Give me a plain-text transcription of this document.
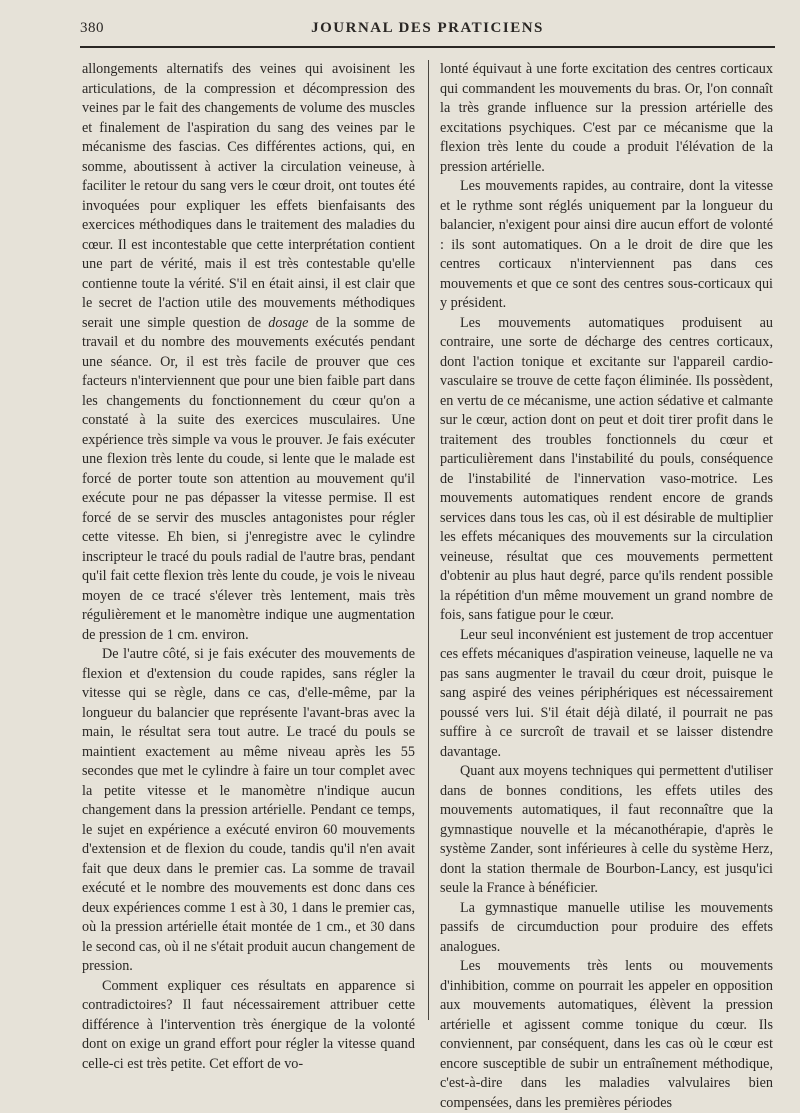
380	JOURNAL DES PRATICIENS

allongements alternatifs des veines qui avoisinent les articulations, de la compression et décompression des veines par le fait des changements de volume des muscles et finalement de l'aspiration du sang des veines par le mécanisme des fascias. Ces différentes actions, qui, en somme, aboutissent à activer la circulation veineuse, à faciliter le retour du sang vers le cœur droit, ont toutes été invoquées pour expliquer les effets bienfaisants des exercices méthodiques dans le traitement des maladies du cœur. Il est incontestable que cette interprétation contient une part de vérité, mais il est très contestable qu'elle contienne toute la vérité. S'il en était ainsi, il est clair que le secret de l'action utile des mouvements méthodiques serait une simple question de dosage de la somme de travail et du nombre des mouvements exécutés pendant une séance. Or, il est très facile de prouver que ces facteurs n'interviennent que pour une bien faible part dans les changements du fonctionnement du cœur qu'on a constaté à la suite des exercices musculaires. Une expérience très simple va vous le prouver. Je fais exécuter une flexion très lente du coude, si lente que le malade est forcé de porter toute son attention au mouvement qu'il exécute pour ne pas dépasser la vitesse permise. Il est forcé de se servir des muscles antagonistes pour régler cette vitesse. Eh bien, si j'enregistre avec le cylindre inscripteur le tracé du pouls radial de l'autre bras, pendant qu'il fait cette flexion très lente du coude, je vois le niveau moyen de ce tracé s'élever très lentement, mais très régulièrement et le manomètre indique une augmentation de pression de 1 cm. environ.

De l'autre côté, si je fais exécuter des mouvements de flexion et d'extension du coude rapides, sans régler la vitesse qui se règle, dans ce cas, d'elle-même, par la longueur du balancier que représente l'avant-bras avec la main, le résultat sera tout autre. Le tracé du pouls se maintient exactement au même niveau après les 55 secondes que met le cylindre à faire un tour complet avec la petite vitesse et le manomètre n'indique aucun changement dans la pression artérielle. Pendant ce temps, le sujet en expérience a exécuté environ 60 mouvements d'extension et de flexion du coude, tandis qu'il n'en avait fait que deux dans le premier cas. La somme de travail exécuté et le nombre des mouvements est donc dans ces deux expériences comme 1 est à 30, 1 dans le premier cas, où la pression artérielle était montée de 1 cm., et 30 dans le second cas, où il ne s'était produit aucun changement de pression.

Comment expliquer ces résultats en apparence si contradictoires? Il faut nécessairement attribuer cette différence à l'intervention très énergique de la volonté dont on exige un grand effort pour régler la vitesse quand celle-ci est très petite. Cet effort de vo-

lonté équivaut à une forte excitation des centres corticaux qui commandent les mouvements du bras. Or, l'on connaît la très grande influence sur la pression artérielle des excitations psychiques. C'est par ce mécanisme que la flexion très lente du coude a produit l'élévation de la pression artérielle.

Les mouvements rapides, au contraire, dont la vitesse et le rythme sont réglés uniquement par la longueur du balancier, n'exigent pour ainsi dire aucun effort de volonté : ils sont automatiques. On a le droit de dire que les centres corticaux n'interviennent pas dans ces mouvements et que ce sont des centres sous-corticaux qui y président.

Les mouvements automatiques produisent au contraire, une sorte de décharge des centres corticaux, dont l'action tonique et excitante sur l'appareil cardio-vasculaire se trouve de cette façon éliminée. Ils possèdent, en vertu de ce mécanisme, une action sédative et calmante sur le cœur, action dont on peut et doit tirer profit dans le traitement des troubles fonctionnels du cœur et particulièrement dans l'instabilité du pouls, conséquence de l'instabilité de l'innervation vaso-motrice. Les mouvements automatiques rendent encore de grands services dans tous les cas, où il est désirable de multiplier les effets mécaniques des mouvements sur la circulation veineuse, résultat que ces mouvements permettent d'obtenir au plus haut degré, parce qu'ils rendent possible la répétition d'un même mouvement un grand nombre de fois, sans fatigue pour le cœur.

Leur seul inconvénient est justement de trop accentuer ces effets mécaniques d'aspiration veineuse, laquelle ne va pas sans augmenter le travail du cœur droit, puisque le sang aspiré des veines périphériques est nécessairement poussé vers lui. S'il était déjà dilaté, il pourrait ne pas suffire à ce surcroît de travail et se laisser distendre davantage.

Quant aux moyens techniques qui permettent d'utiliser dans de bonnes conditions, les effets utiles des mouvements automatiques, il faut reconnaître que la gymnastique nouvelle et la mécanothérapie, d'après le système Zander, sont inférieures à celle du système Herz, dont la station thermale de Bourbon-Lancy, est jusqu'ici seule la France à bénéficier.

La gymnastique manuelle utilise les mouvements passifs de circumduction pour produire des effets analogues.

Les mouvements très lents ou mouvements d'inhibition, comme on pourrait les appeler en opposition aux mouvements automatiques, élèvent la pression artérielle et agissent comme tonique du cœur. Ils conviennent, par conséquent, dans les cas où le cœur est encore susceptible de subir un entraînement méthodique, c'est-à-dire dans les maladies valvulaires bien compensées, dans les premières périodes
